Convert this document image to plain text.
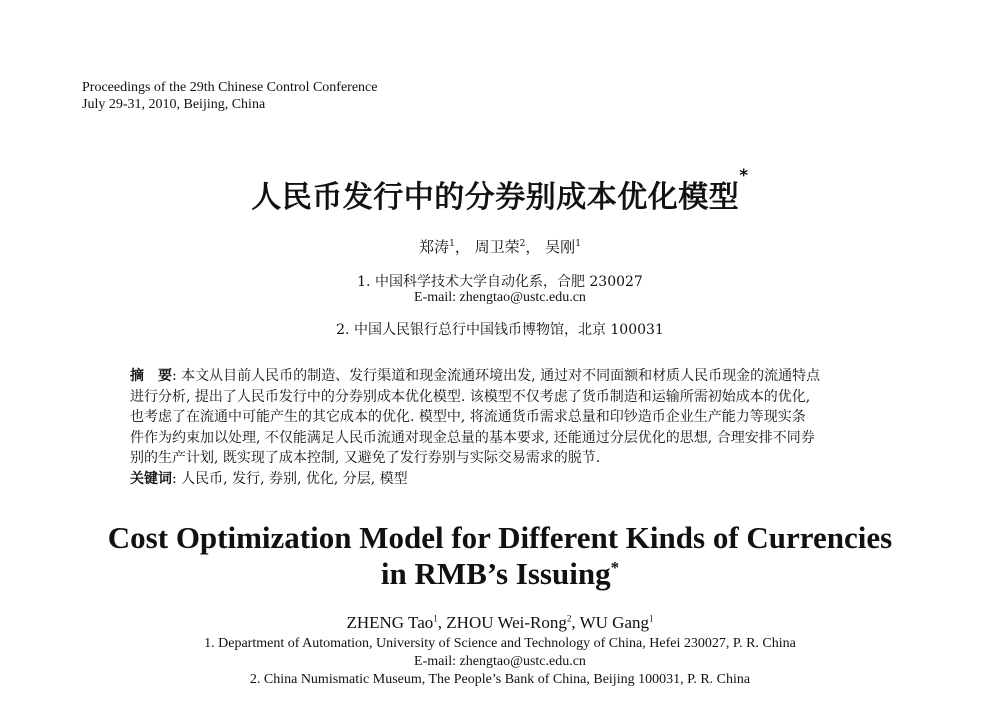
Proceedings of the 29th Chinese Control Conference
July 29-31, 2010, Beijing, China
人民币发行中的分券别成本优化模型*
郑涛$^1$， 周卫荣$^2$， 吴刚$^1$
1. 中国科学技术大学自动化系，合肥 230027
E-mail: zhengtao@ustc.edu.cn
2. 中国人民银行总行中国钱币博物馆，北京 100031
摘　要: 本文从目前人民币的制造、发行渠道和现金流通环境出发, 通过对不同面额和材质人民币现金的流通特点
进行分析, 提出了人民币发行中的分券别成本优化模型. 该模型不仅考虑了货币制造和运输所需初始成本的优化,
也考虑了在流通中可能产生的其它成本的优化. 模型中, 将流通货币需求总量和印钞造币企业生产能力等现实条
件作为约束加以处理, 不仅能满足人民币流通对现金总量的基本要求, 还能通过分层优化的思想, 合理安排不同券
别的生产计划, 既实现了成本控制, 又避免了发行券别与实际交易需求的脱节.
关键词: 人民币, 发行, 券别, 优化, 分层, 模型
Cost Optimization Model for Different Kinds of Currencies
in RMB’s Issuing*
ZHENG Tao$^1$, ZHOU Wei-Rong$^2$, WU Gang$^1$
1. Department of Automation, University of Science and Technology of China, Hefei 230027, P. R. China
E-mail: zhengtao@ustc.edu.cn
2. China Numismatic Museum, The People’s Bank of China, Beijing 100031, P. R. China
